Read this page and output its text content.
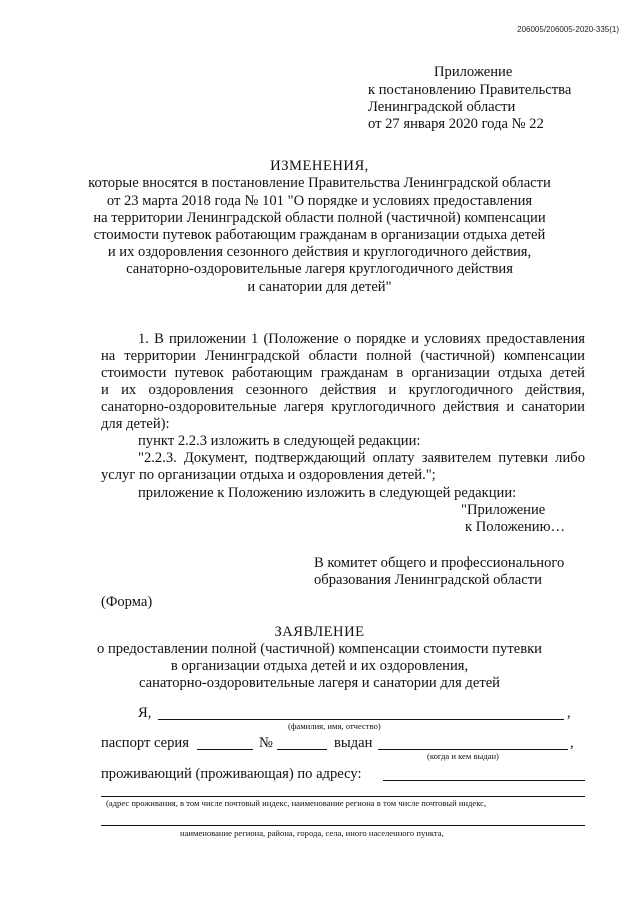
206005/206005-2020-335(1)

Приложение

к постановлению Правительства

Ленинградской области

от 27 января 2020 года № 22

ИЗМЕНЕНИЯ,

которые вносятся в постановление Правительства Ленинградской области

от 23 марта 2018 года № 101 "О порядке и условиях предоставления

на территории Ленинградской области полной (частичной) компенсации

стоимости путевок работающим гражданам в организации отдыха детей

и их оздоровления сезонного действия и круглогодичного действия,

санаторно-оздоровительные лагеря круглогодичного действия

и санатории для детей"

1. В приложении 1 (Положение о порядке и условиях предоставления

на территории Ленинградской области полной (частичной) компенсации

стоимости путевок работающим гражданам в организации отдыха детей

и их оздоровления сезонного действия и круглогодичного действия,

санаторно-оздоровительные лагеря круглогодичного действия и санатории

для детей):

пункт 2.2.3 изложить в следующей редакции:

"2.2.3. Документ, подтверждающий оплату заявителем путевки либо

услуг по организации отдыха и оздоровления детей.";

приложение к Положению изложить в следующей редакции:

"Приложение

к Положению…

В комитет общего и профессионального

образования Ленинградской области

(Форма)

ЗАЯВЛЕНИЕ

о предоставлении полной (частичной) компенсации стоимости путевки

в организации отдыха детей и их оздоровления,

санаторно-оздоровительные лагеря и санатории для детей

Я,	,

(фамилия, имя, отчество)

паспорт серия	№	выдан	,

(когда и кем выдан)

проживающий (проживающая) по адресу:

(адрес проживания, в том числе почтовый индекс, наименование региона в том числе почтовый индекс,

наименование региона, района, города, села, иного населенного пункта,
